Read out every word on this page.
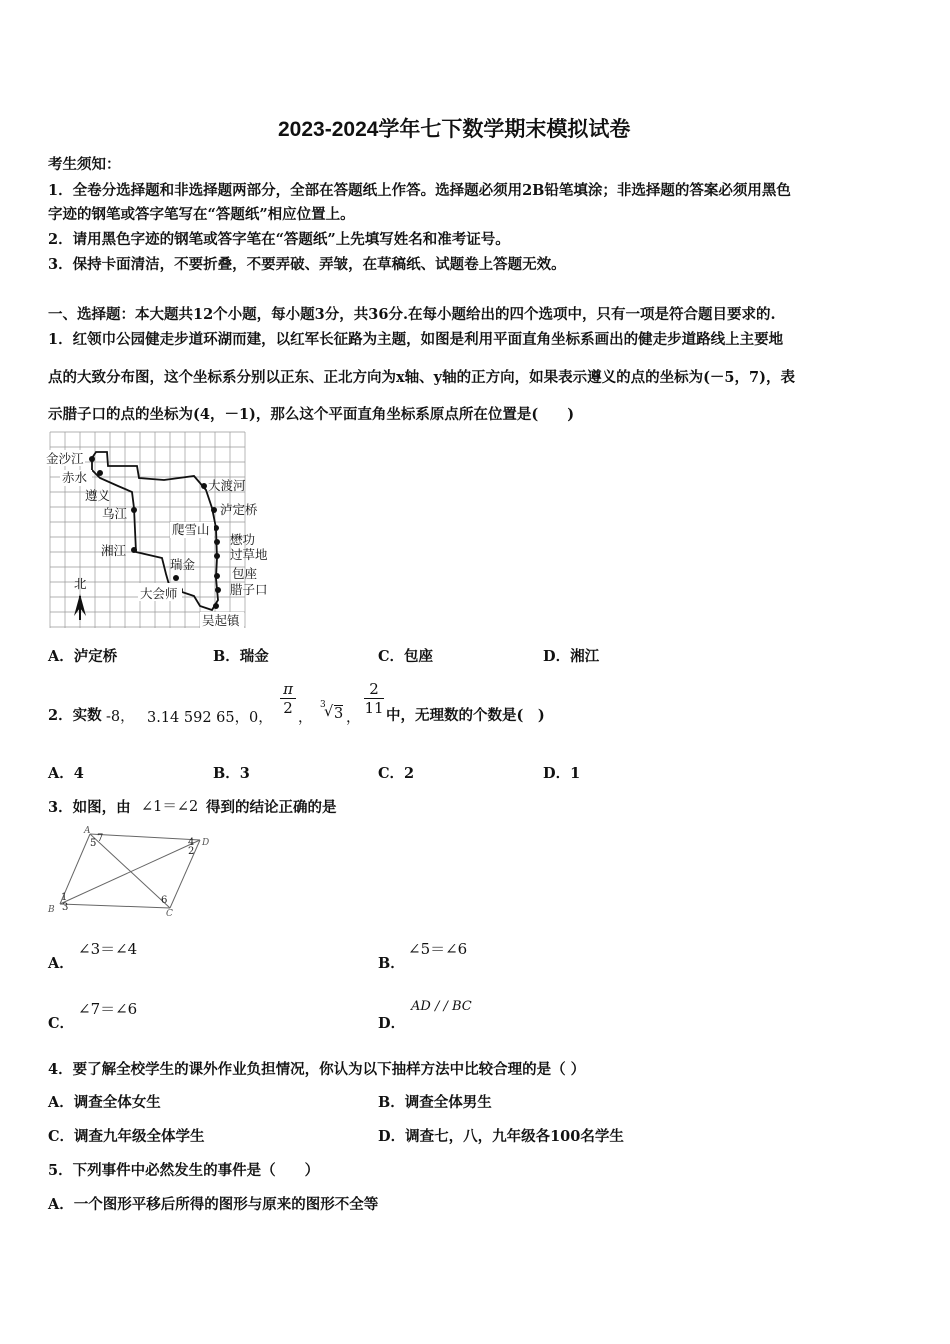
2023-2024学年七下数学期末模拟试卷
考生须知：
1．全卷分选择题和非选择题两部分，全部在答题纸上作答。选择题必须用2B铅笔填涂；非选择题的答案必须用黑色
字迹的钢笔或答字笔写在“答题纸”相应位置上。
2．请用黑色字迹的钢笔或答字笔在“答题纸”上先填写姓名和准考证号。
3．保持卡面清洁，不要折叠，不要弄破、弄皱，在草稿纸、试题卷上答题无效。
一、选择题：本大题共12个小题，每小题3分，共36分.在每小题给出的四个选项中，只有一项是符合题目要求的.
1．红领巾公园健走步道环湖而建，以红军长征路为主题，如图是利用平面直角坐标系画出的健走步道路线上主要地
点的大致分布图，这个坐标系分别以正东、正北方向为x轴、y轴的正方向，如果表示遵义的点的坐标为(－5，7)，表
示腊子口的点的坐标为(4，－1)，那么这个平面直角坐标系原点所在位置是(　　)
金沙江
赤水
遵义
乌江
湘江
瑞金
大会师
大渡河
泸定桥
爬雪山
懋功
过草地
包座
腊子口
吴起镇
北
A．泸定桥	B．瑞金	C．包座	D．湘江
2．实数 -8， 3.14 592 65， 0，
$\frac{\pi}{2}$
，
3
√ 3 ，
$\frac{2}{11}$ 中，无理数的个数是(　)
A．4	B．3	C．2	D．1
3．如图，由 ∠1＝∠2 得到的结论正确的是
A
B	C
D
5 7	4
2
1
3
6
A．
∠3＝∠4
B．
∠5＝∠6
C．
∠7＝∠6
D．
AD / / BC
4．要了解全校学生的课外作业负担情况，你认为以下抽样方法中比较合理的是（ ）
A．调查全体女生	B．调查全体男生
C．调查九年级全体学生	D．调查七，八，九年级各100名学生
5．下列事件中必然发生的事件是（　　）
A．一个图形平移后所得的图形与原来的图形不全等
